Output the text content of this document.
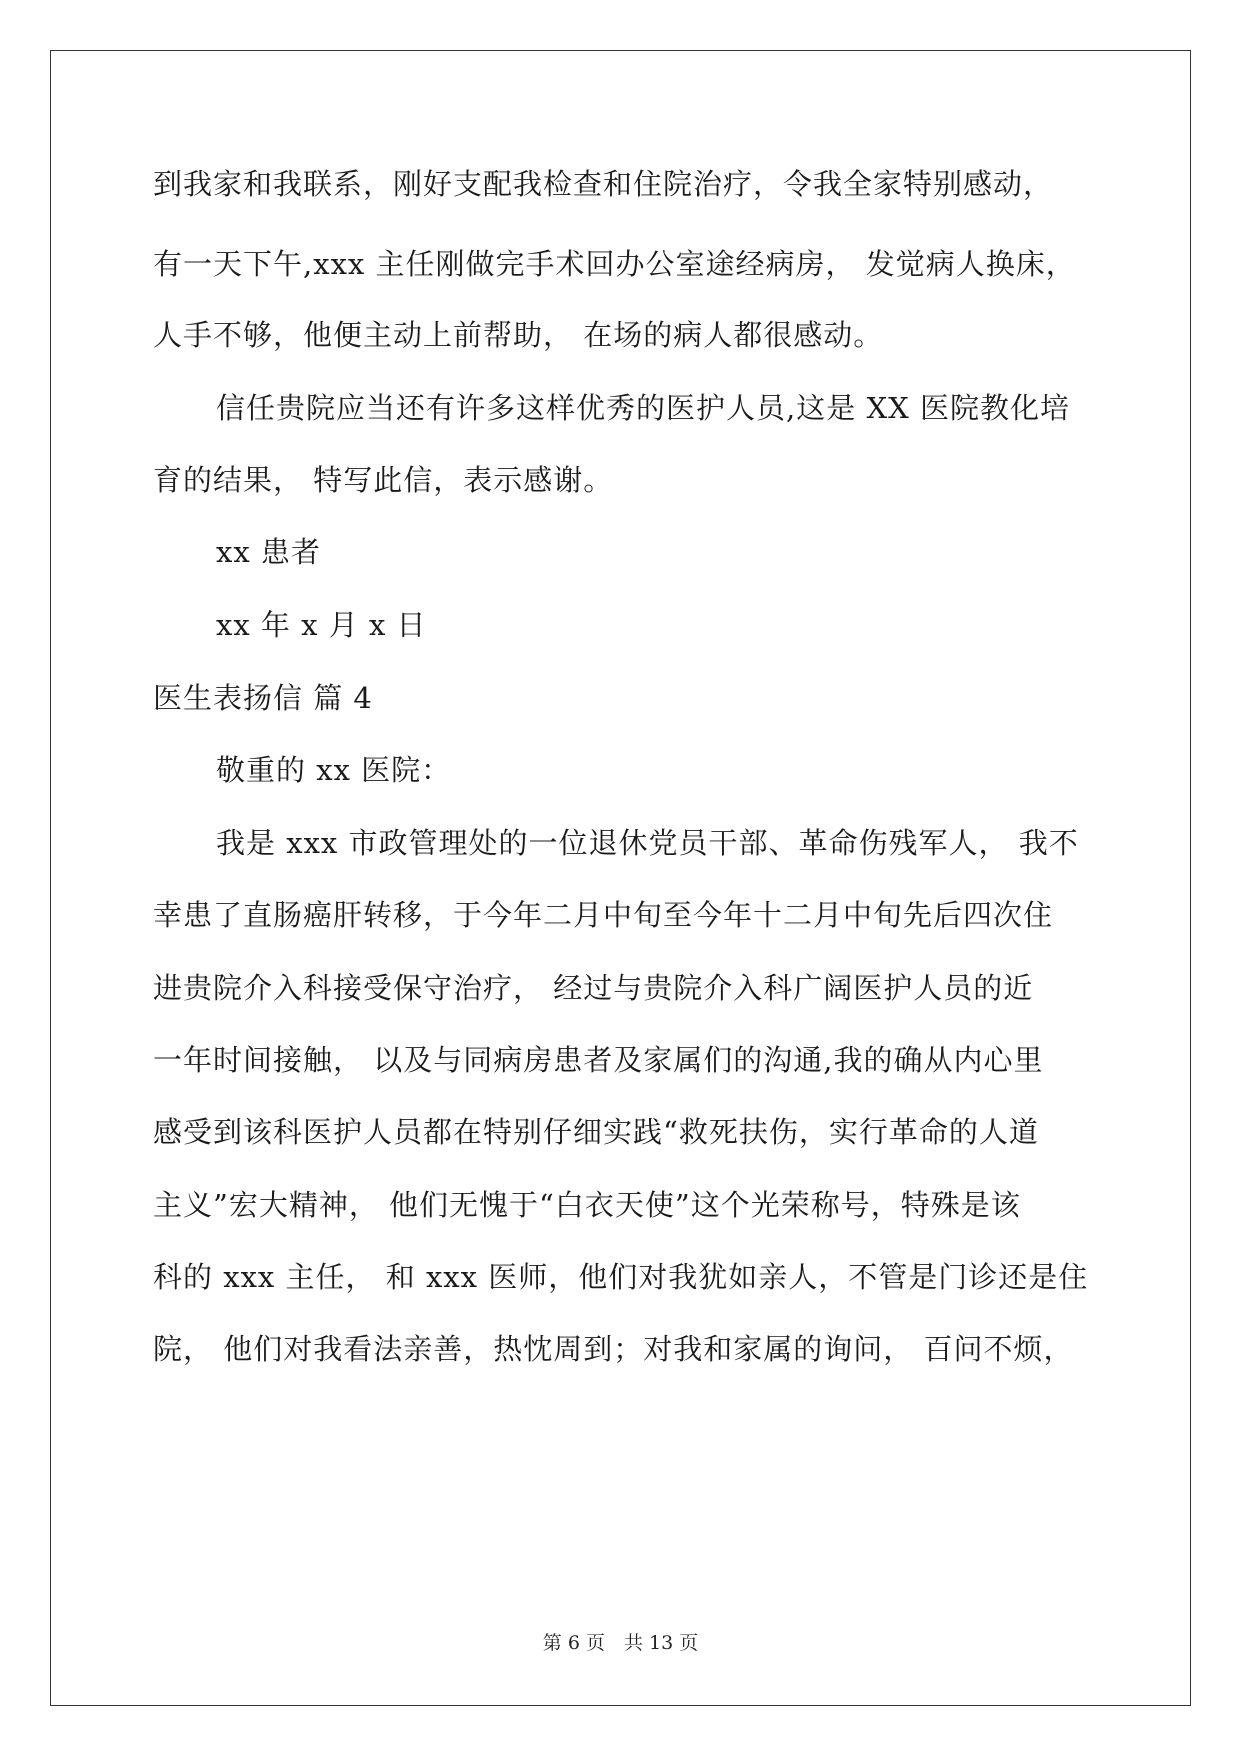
到我家和我联系，刚好支配我检查和住院治疗，令我全家特别感动，
有一天下午,xxx 主任刚做完手术回办公室途经病房， 发觉病人换床，
人手不够，他便主动上前帮助， 在场的病人都很感动。
信任贵院应当还有许多这样优秀的医护人员,这是 XX 医院教化培
育的结果， 特写此信，表示感谢。
xx 患者
xx 年 x 月 x 日
医生表扬信 篇 4
敬重的 xx 医院：
我是 xxx 市政管理处的一位退休党员干部、革命伤残军人， 我不
幸患了直肠癌肝转移，于今年二月中旬至今年十二月中旬先后四次住
进贵院介入科接受保守治疗， 经过与贵院介入科广阔医护人员的近
一年时间接触， 以及与同病房患者及家属们的沟通,我的确从内心里
感受到该科医护人员都在特别仔细实践“救死扶伤，实行革命的人道
主义”宏大精神， 他们无愧于“白衣天使”这个光荣称号，特殊是该
科的 xxx 主任， 和 xxx 医师，他们对我犹如亲人，不管是门诊还是住
院， 他们对我看法亲善，热忱周到；对我和家属的询问， 百问不烦，
第 6 页　共 13 页
